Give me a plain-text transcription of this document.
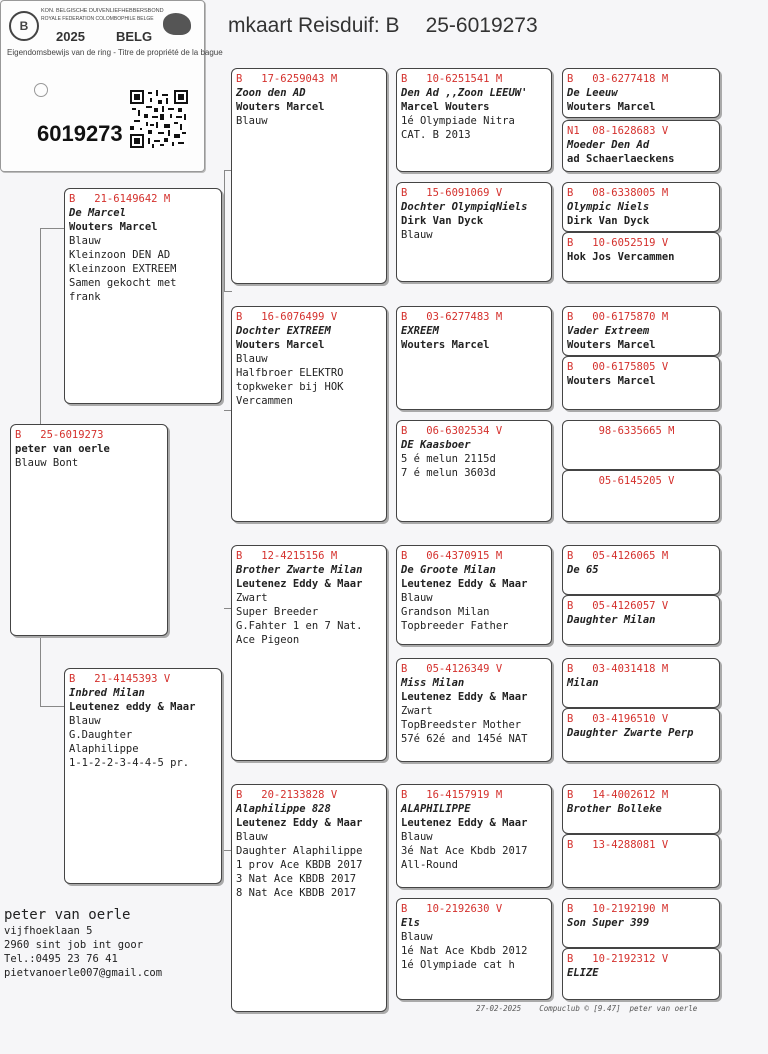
mkaart Reisduif: B 25-6019273
B
KON. BELGISCHE DUIVENLIEFHEBBERSBOND
ROYALE FEDERATION COLOMBOPHILE BELGE
2025 BELG
Eigendomsbewijs van de ring - Titre de propriété de la bague
6019273
B   25-6019273
peter van oerle
Blauw Bont
B   21-6149642 M
De Marcel
Wouters Marcel
Blauw
Kleinzoon DEN AD
Kleinzoon EXTREEM
Samen gekocht met
frank
B   21-4145393 V
Inbred Milan
Leutenez eddy & Maar
Blauw
G.Daughter
Alaphilippe
1-1-2-2-3-4-4-5 pr.
B   17-6259043 M
Zoon den AD
Wouters Marcel
Blauw
B   16-6076499 V
Dochter EXTREEM
Wouters Marcel
Blauw
Halfbroer ELEKTRO
topkweker bij HOK
Vercammen
B   12-4215156 M
Brother Zwarte Milan
Leutenez Eddy & Maar
Zwart
Super Breeder
G.Fahter 1 en 7 Nat.
Ace Pigeon
B   20-2133828 V
Alaphilippe 828
Leutenez Eddy & Maar
Blauw
Daughter Alaphilippe
1 prov Ace KBDB 2017
3 Nat Ace KBDB 2017
8 Nat Ace KBDB 2017
B   10-6251541 M
Den Ad ,,Zoon LEEUW'
Marcel Wouters
1é Olympiade Nitra
CAT. B 2013
B   15-6091069 V
Dochter OlympiqNiels
Dirk Van Dyck
Blauw
B   03-6277483 M
EXREEM
Wouters Marcel
B   06-6302534 V
DE Kaasboer
5 é melun 2115d
7 é melun 3603d
B   06-4370915 M
De Groote Milan
Leutenez Eddy & Maar
Blauw
Grandson Milan
Topbreeder Father
B   05-4126349 V
Miss Milan
Leutenez Eddy & Maar
Zwart
TopBreedster Mother
57é 62é and 145é NAT
B   16-4157919 M
ALAPHILIPPE
Leutenez Eddy & Maar
Blauw
3é Nat Ace Kbdb 2017
All-Round
B   10-2192630 V
Els
Blauw
1é Nat Ace Kbdb 2012
1é Olympiade cat h
B   03-6277418 M
De Leeuw
Wouters Marcel
N1  08-1628683 V
Moeder Den Ad
ad Schaerlaeckens
B   08-6338005 M
Olympic Niels
Dirk Van Dyck
B   10-6052519 V
Hok Jos Vercammen
B   00-6175870 M
Vader Extreem
Wouters Marcel
B   00-6175805 V
Wouters Marcel
98-6335665 M
05-6145205 V
B   05-4126065 M
De 65
B   05-4126057 V
Daughter Milan
B   03-4031418 M
Milan
B   03-4196510 V
Daughter Zwarte Perp
B   14-4002612 M
Brother Bolleke
B   13-4288081 V
B   10-2192190 M
Son Super 399
B   10-2192312 V
ELIZE
peter van oerle
vijfhoeklaan 5
2960 sint job int goor
Tel.:0495 23 76 41
pietvanoerle007@gmail.com
27-02-2025    Compuclub © [9.47]  peter van oerle
